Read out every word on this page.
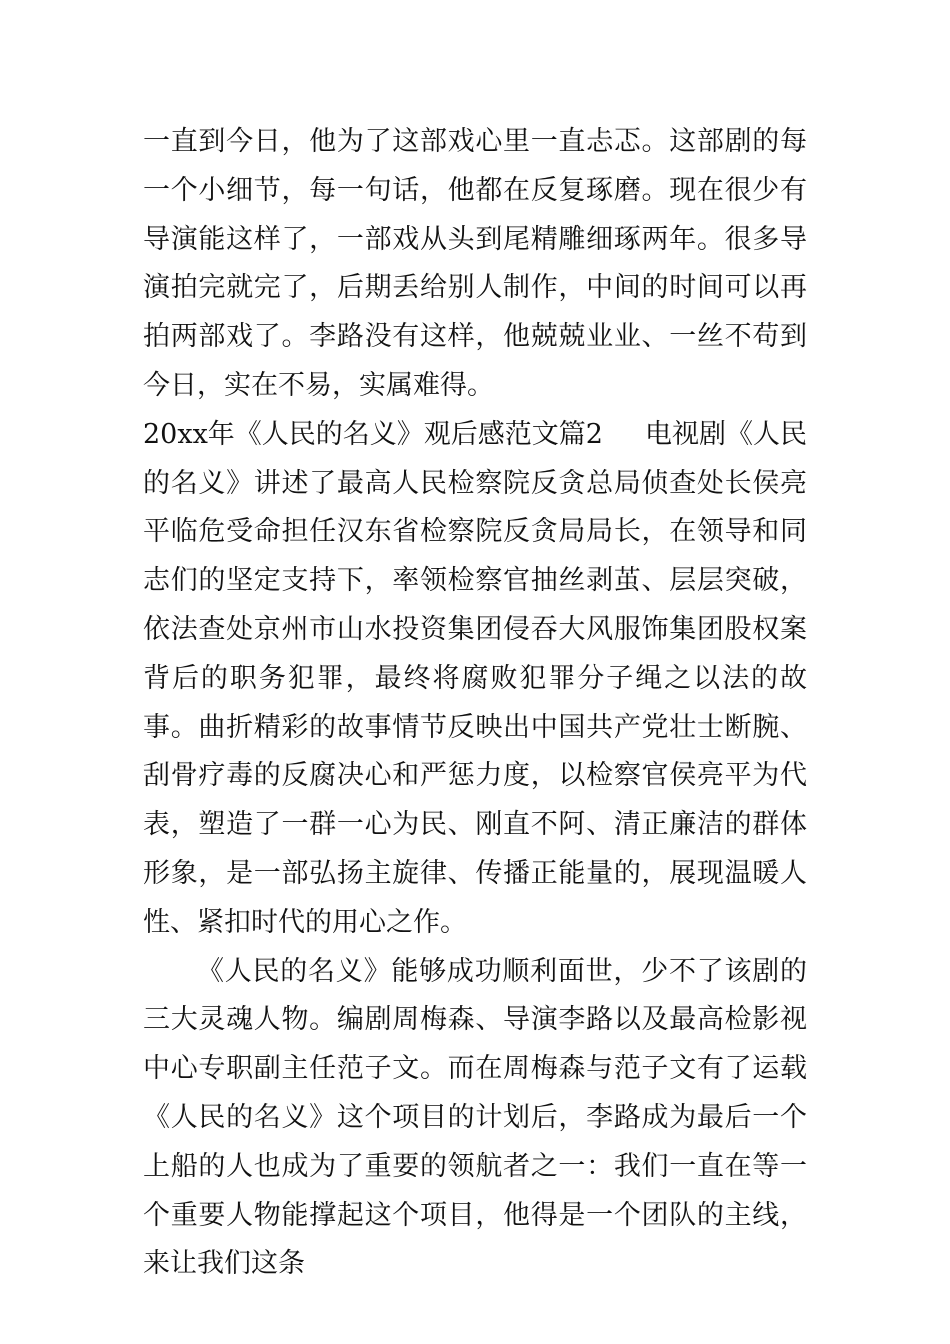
一直到今日，他为了这部戏心里一直忐忑。这部剧的每一个小细节，每一句话，他都在反复琢磨。现在很少有导演能这样了，一部戏从头到尾精雕细琢两年。很多导演拍完就完了，后期丢给别人制作，中间的时间可以再拍两部戏了。李路没有这样，他兢兢业业、一丝不苟到今日，实在不易，实属难得。

20xx年《人民的名义》观后感范文篇2 电视剧《人民的名义》讲述了最高人民检察院反贪总局侦查处长侯亮平临危受命担任汉东省检察院反贪局局长，在领导和同志们的坚定支持下，率领检察官抽丝剥茧、层层突破，依法查处京州市山水投资集团侵吞大风服饰集团股权案背后的职务犯罪，最终将腐败犯罪分子绳之以法的故事。曲折精彩的故事情节反映出中国共产党壮士断腕、刮骨疗毒的反腐决心和严惩力度，以检察官侯亮平为代表，塑造了一群一心为民、刚直不阿、清正廉洁的群体形象，是一部弘扬主旋律、传播正能量的，展现温暖人性、紧扣时代的用心之作。

《人民的名义》能够成功顺利面世，少不了该剧的三大灵魂人物。编剧周梅森、导演李路以及最高检影视中心专职副主任范子文。而在周梅森与范子文有了运载《人民的名义》这个项目的计划后，李路成为最后一个上船的人也成为了重要的领航者之一：我们一直在等一个重要人物能撑起这个项目，他得是一个团队的主线，来让我们这条
